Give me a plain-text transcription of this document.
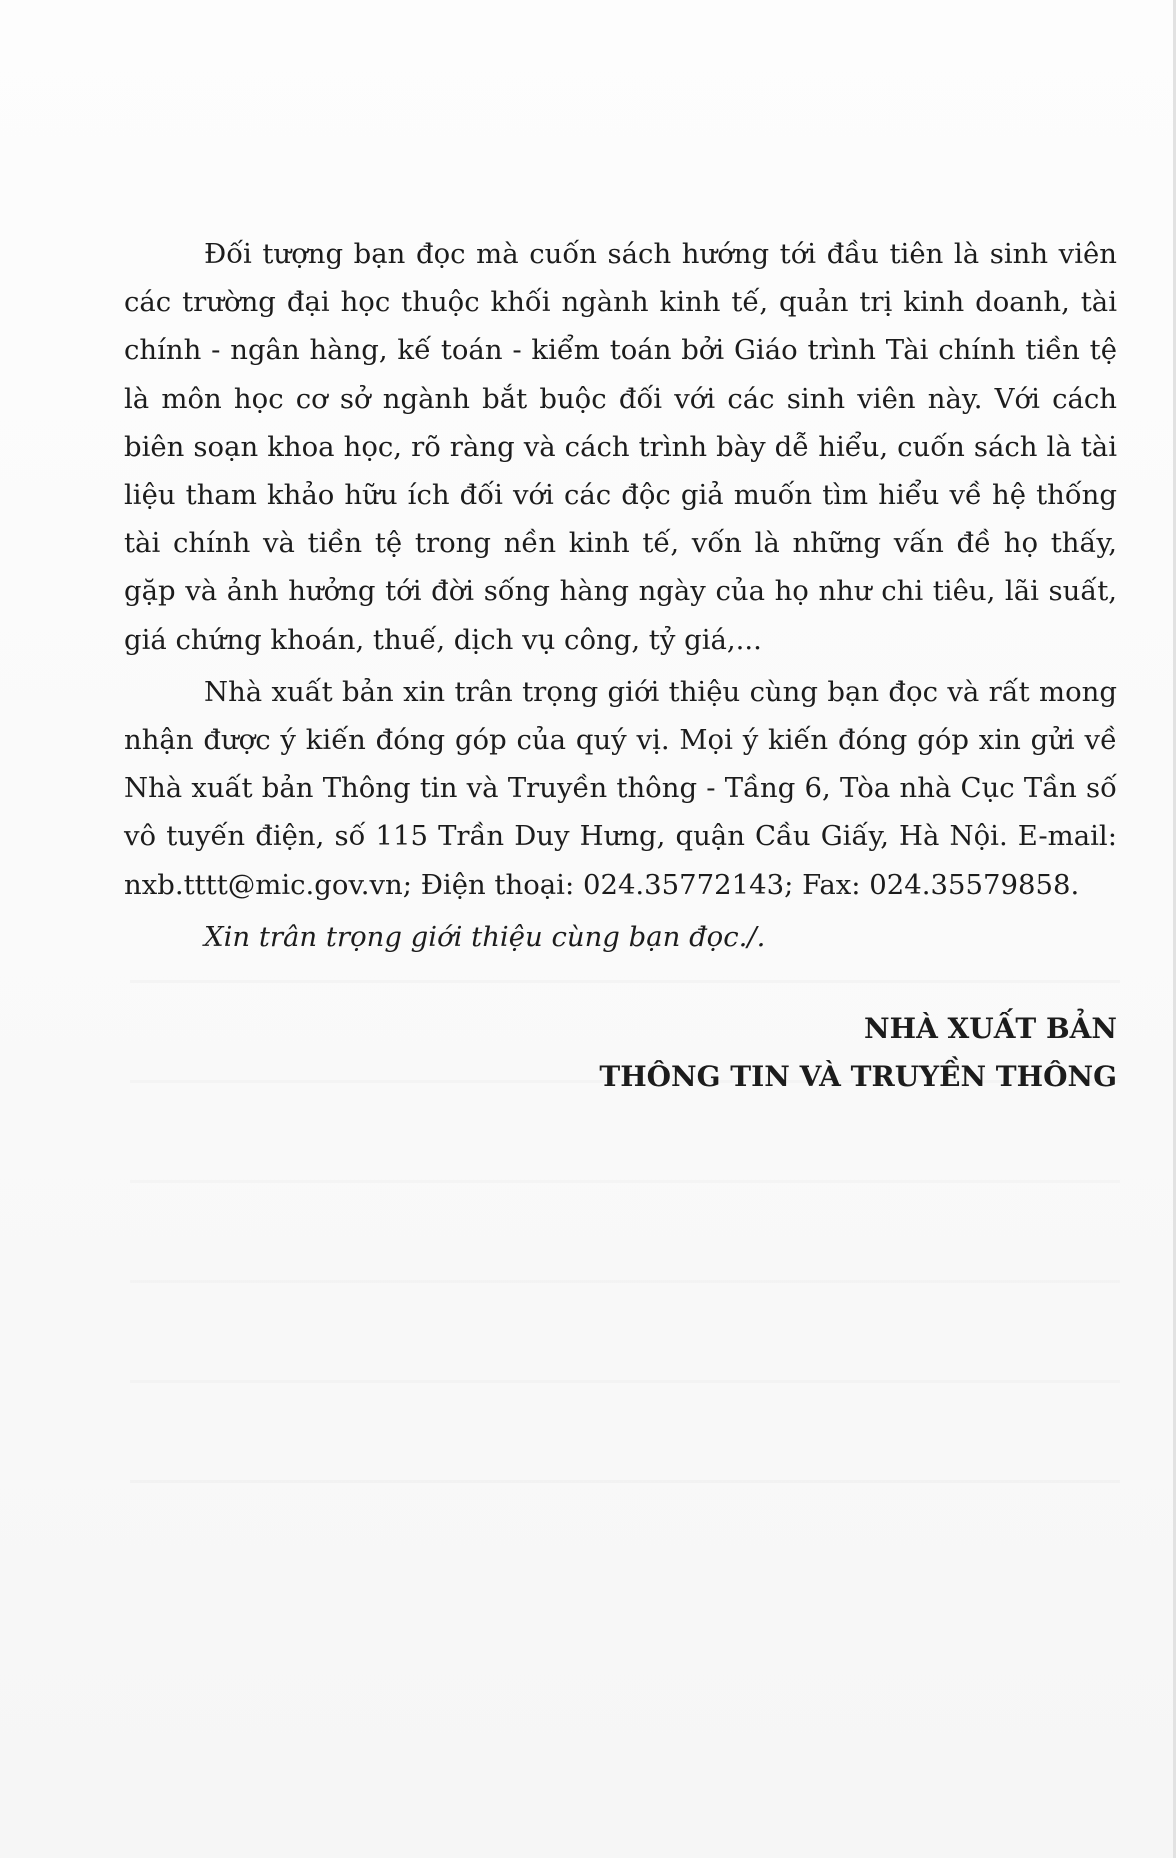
Đối tượng bạn đọc mà cuốn sách hướng tới đầu tiên là sinh viên các trường đại học thuộc khối ngành kinh tế, quản trị kinh doanh, tài chính - ngân hàng, kế toán - kiểm toán bởi Giáo trình Tài chính tiền tệ là môn học cơ sở ngành bắt buộc đối với các sinh viên này. Với cách biên soạn khoa học, rõ ràng và cách trình bày dễ hiểu, cuốn sách là tài liệu tham khảo hữu ích đối với các độc giả muốn tìm hiểu về hệ thống tài chính và tiền tệ trong nền kinh tế, vốn là những vấn đề họ thấy, gặp và ảnh hưởng tới đời sống hàng ngày của họ như chi tiêu, lãi suất, giá chứng khoán, thuế, dịch vụ công, tỷ giá,...

Nhà xuất bản xin trân trọng giới thiệu cùng bạn đọc và rất mong nhận được ý kiến đóng góp của quý vị. Mọi ý kiến đóng góp xin gửi về Nhà xuất bản Thông tin và Truyền thông - Tầng 6, Tòa nhà Cục Tần số vô tuyến điện, số 115 Trần Duy Hưng, quận Cầu Giấy, Hà Nội. E-mail: nxb.tttt@mic.gov.vn; Điện thoại: 024.35772143; Fax: 024.35579858.

Xin trân trọng giới thiệu cùng bạn đọc./.

NHÀ XUẤT BẢN
THÔNG TIN VÀ TRUYỀN THÔNG
